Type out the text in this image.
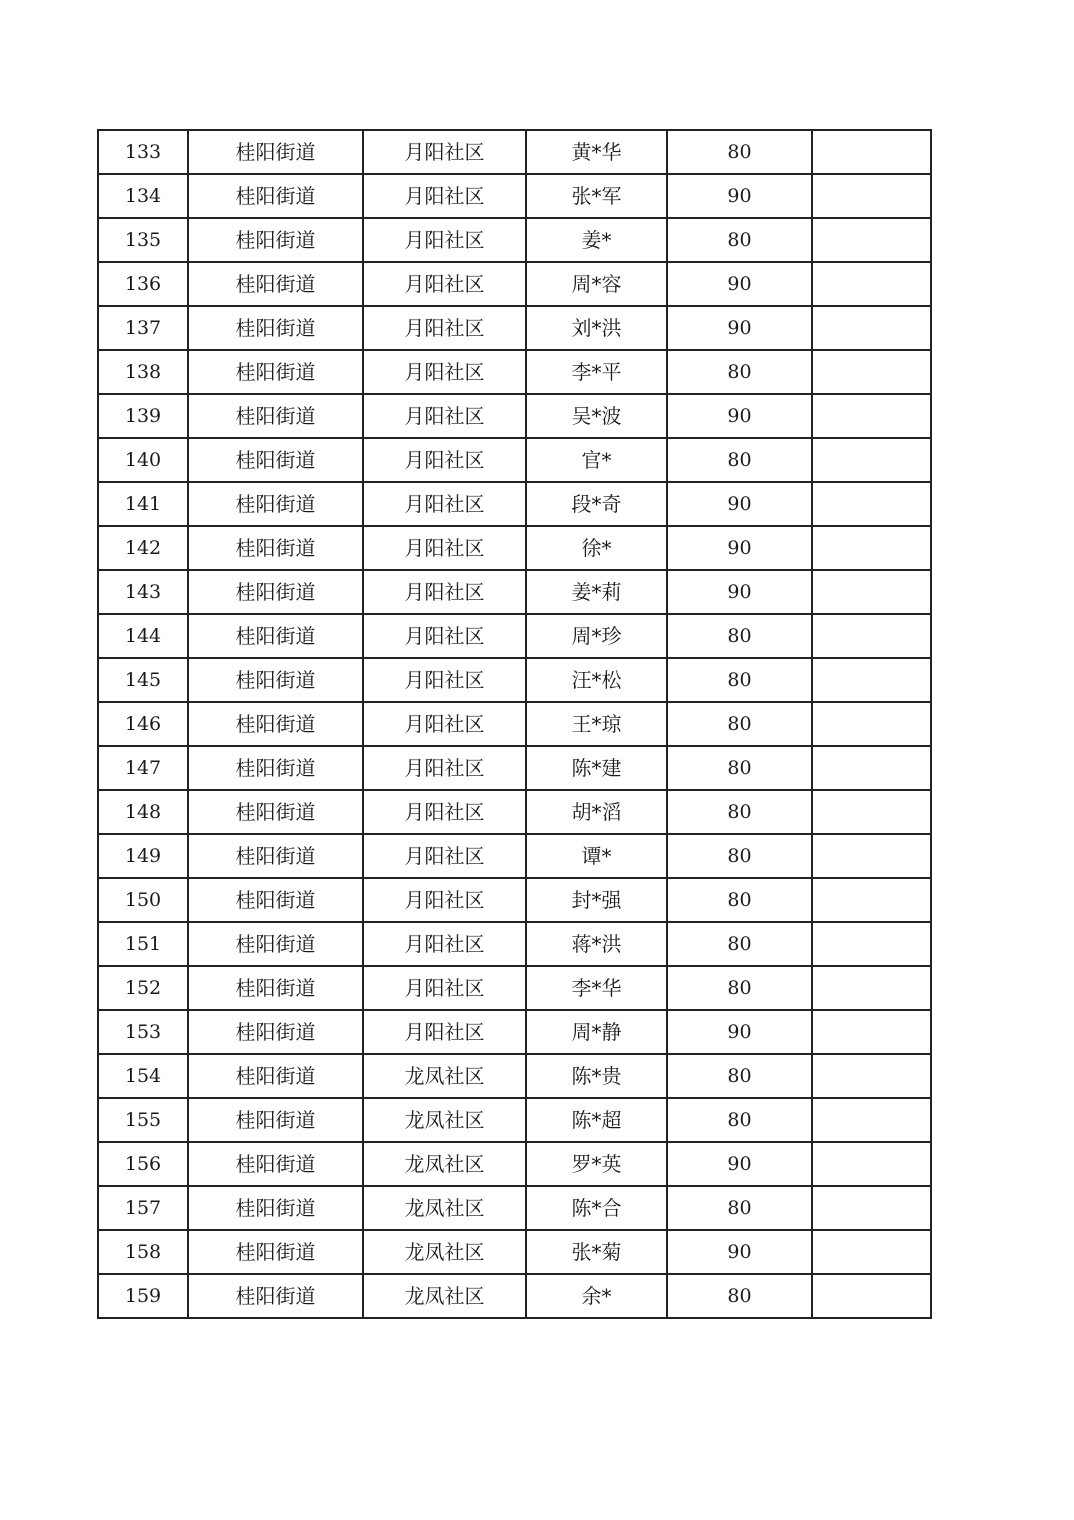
133	桂阳街道	月阳社区	黄*华	80	
134	桂阳街道	月阳社区	张*军	90	
135	桂阳街道	月阳社区	姜*	80	
136	桂阳街道	月阳社区	周*容	90	
137	桂阳街道	月阳社区	刘*洪	90	
138	桂阳街道	月阳社区	李*平	80	
139	桂阳街道	月阳社区	吴*波	90	
140	桂阳街道	月阳社区	官*	80	
141	桂阳街道	月阳社区	段*奇	90	
142	桂阳街道	月阳社区	徐*	90	
143	桂阳街道	月阳社区	姜*莉	90	
144	桂阳街道	月阳社区	周*珍	80	
145	桂阳街道	月阳社区	汪*松	80	
146	桂阳街道	月阳社区	王*琼	80	
147	桂阳街道	月阳社区	陈*建	80	
148	桂阳街道	月阳社区	胡*滔	80	
149	桂阳街道	月阳社区	谭*	80	
150	桂阳街道	月阳社区	封*强	80	
151	桂阳街道	月阳社区	蒋*洪	80	
152	桂阳街道	月阳社区	李*华	80	
153	桂阳街道	月阳社区	周*静	90	
154	桂阳街道	龙凤社区	陈*贵	80	
155	桂阳街道	龙凤社区	陈*超	80	
156	桂阳街道	龙凤社区	罗*英	90	
157	桂阳街道	龙凤社区	陈*合	80	
158	桂阳街道	龙凤社区	张*菊	90	
159	桂阳街道	龙凤社区	余*	80	
